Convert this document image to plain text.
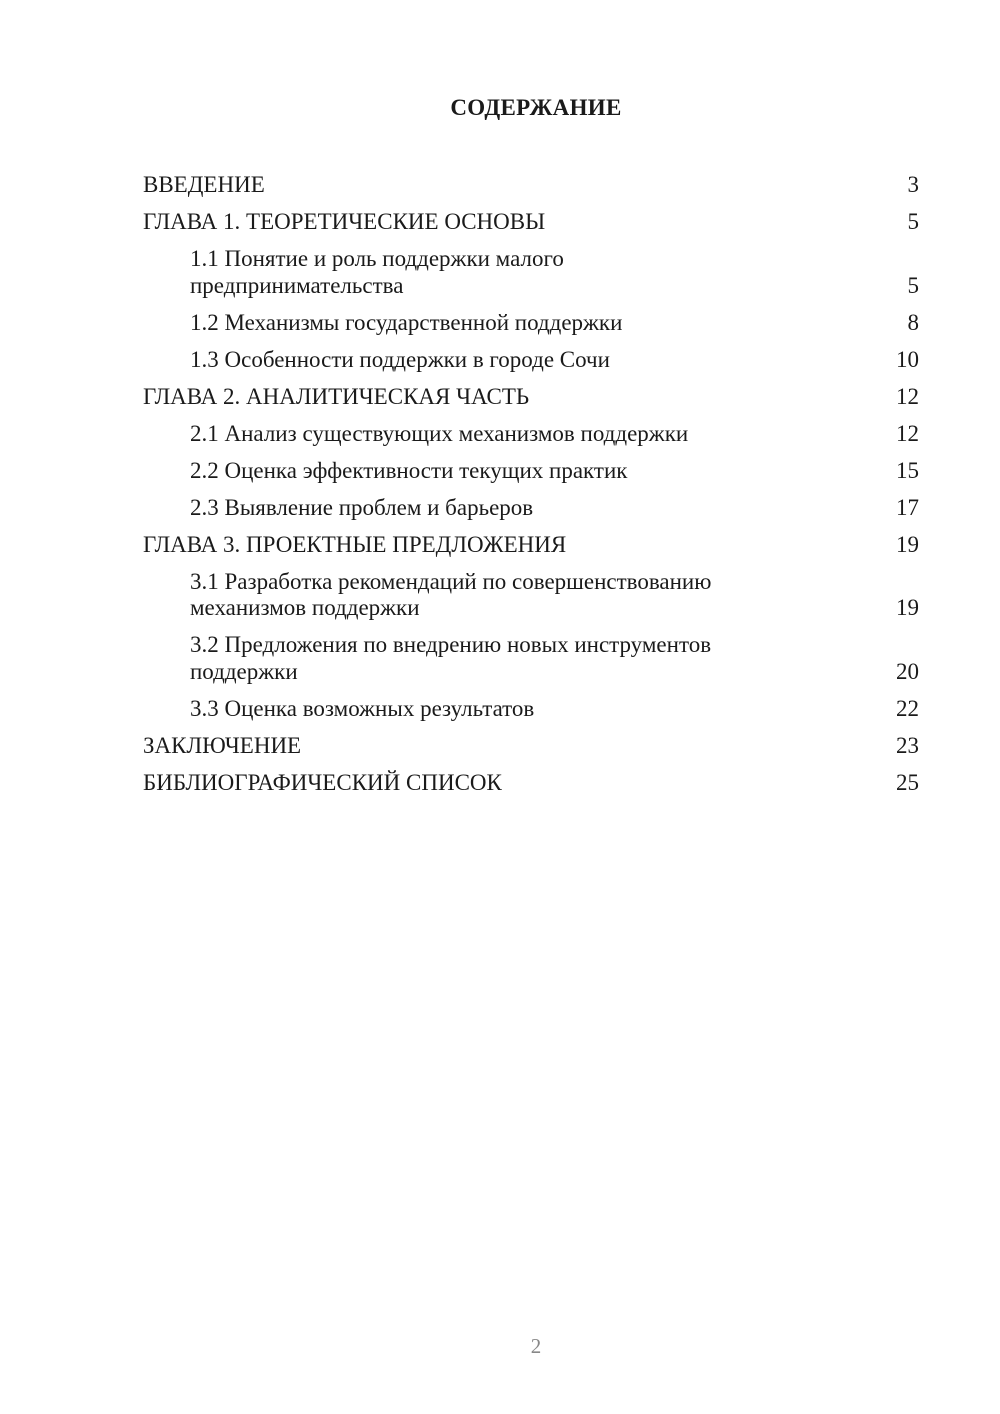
СОДЕРЖАНИЕ
ВВЕДЕНИЕ	3
ГЛАВА 1. ТЕОРЕТИЧЕСКИЕ ОСНОВЫ	5
1.1 Понятие и роль поддержки малого предпринимательства	5
1.2 Механизмы государственной поддержки	8
1.3 Особенности поддержки в городе Сочи	10
ГЛАВА 2. АНАЛИТИЧЕСКАЯ ЧАСТЬ	12
2.1 Анализ существующих механизмов поддержки	12
2.2 Оценка эффективности текущих практик	15
2.3 Выявление проблем и барьеров	17
ГЛАВА 3. ПРОЕКТНЫЕ ПРЕДЛОЖЕНИЯ	19
3.1 Разработка рекомендаций по совершенствованию механизмов поддержки	19
3.2 Предложения по внедрению новых инструментов поддержки	20
3.3 Оценка возможных результатов	22
ЗАКЛЮЧЕНИЕ	23
БИБЛИОГРАФИЧЕСКИЙ СПИСОК	25
2
